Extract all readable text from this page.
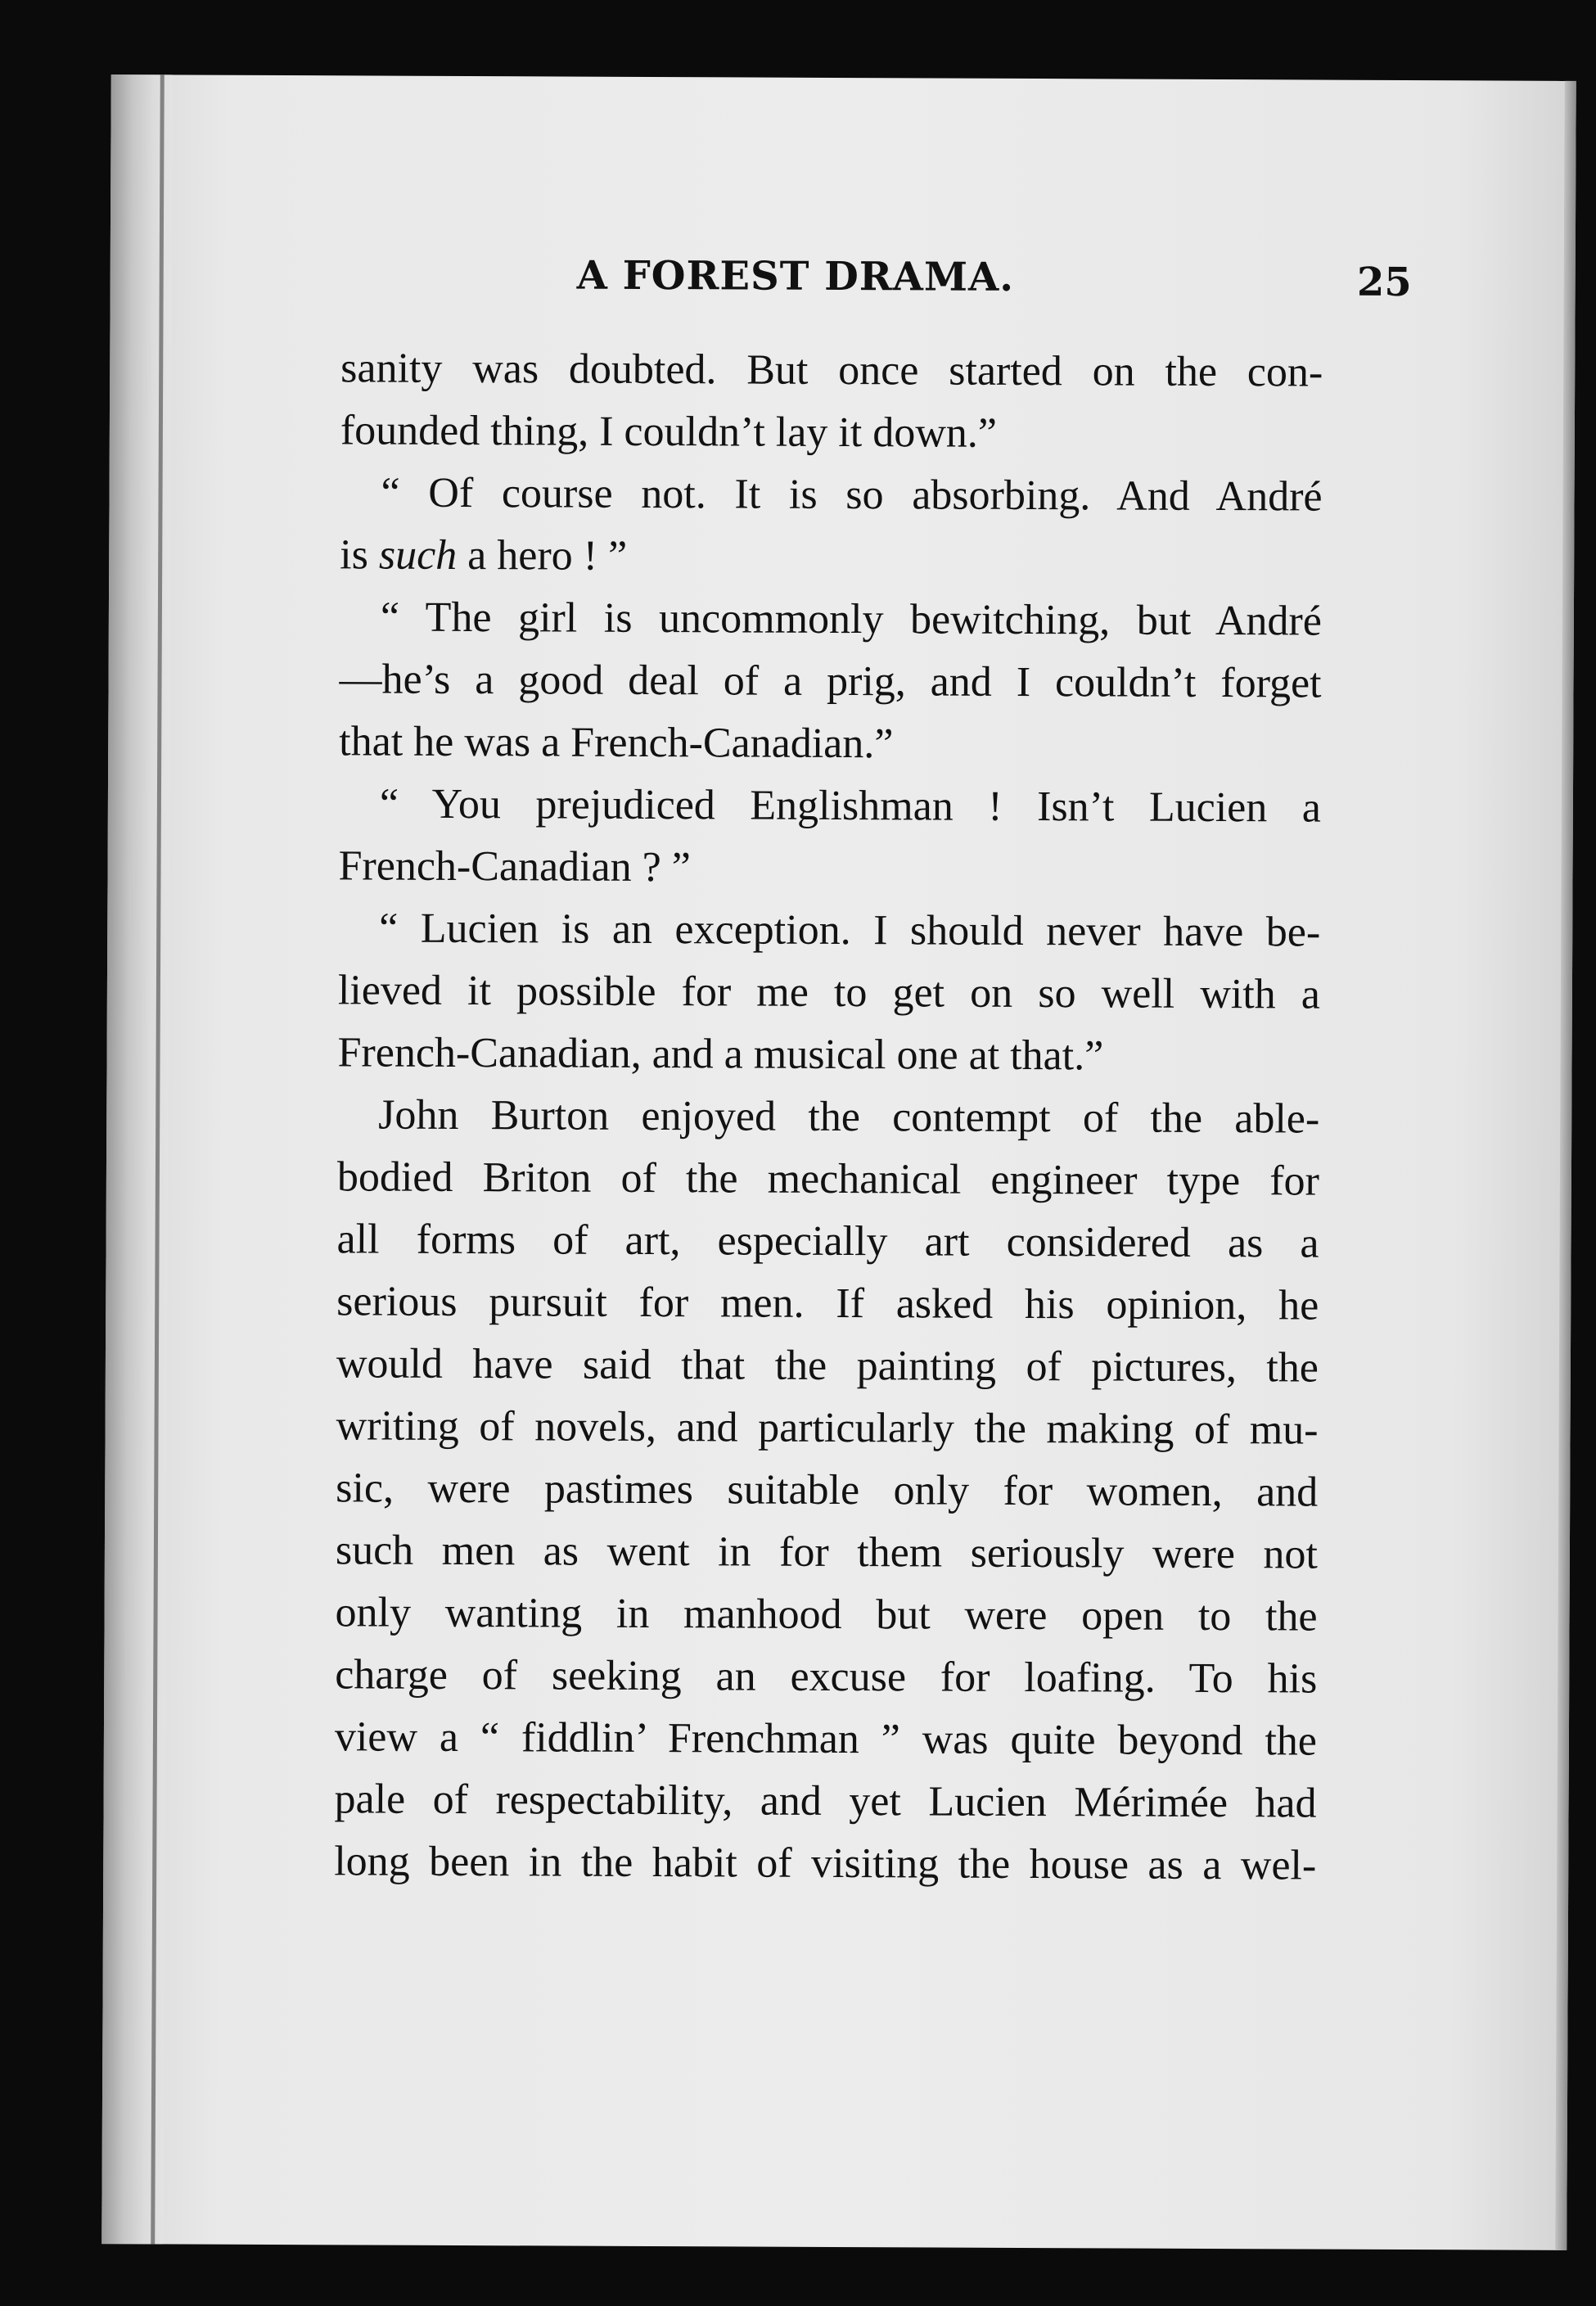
A FOREST DRAMA.	25
sanity was doubted. But once started on the con-
founded thing, I couldn’t lay it down.”
“ Of course not. It is so absorbing. And André
is such a hero ! ”
“ The girl is uncommonly bewitching, but André
—he’s a good deal of a prig, and I couldn’t forget
that he was a French-Canadian.”
“ You prejudiced Englishman ! Isn’t Lucien a
French-Canadian ? ”
“ Lucien is an exception. I should never have be-
lieved it possible for me to get on so well with a
French-Canadian, and a musical one at that.”
John Burton enjoyed the contempt of the able-
bodied Briton of the mechanical engineer type for
all forms of art, especially art considered as a
serious pursuit for men. If asked his opinion, he
would have said that the painting of pictures, the
writing of novels, and particularly the making of mu-
sic, were pastimes suitable only for women, and
such men as went in for them seriously were not
only wanting in manhood but were open to the
charge of seeking an excuse for loafing. To his
view a “ fiddlin’ Frenchman ” was quite beyond the
pale of respectability, and yet Lucien Mérimée had
long been in the habit of visiting the house as a wel-
